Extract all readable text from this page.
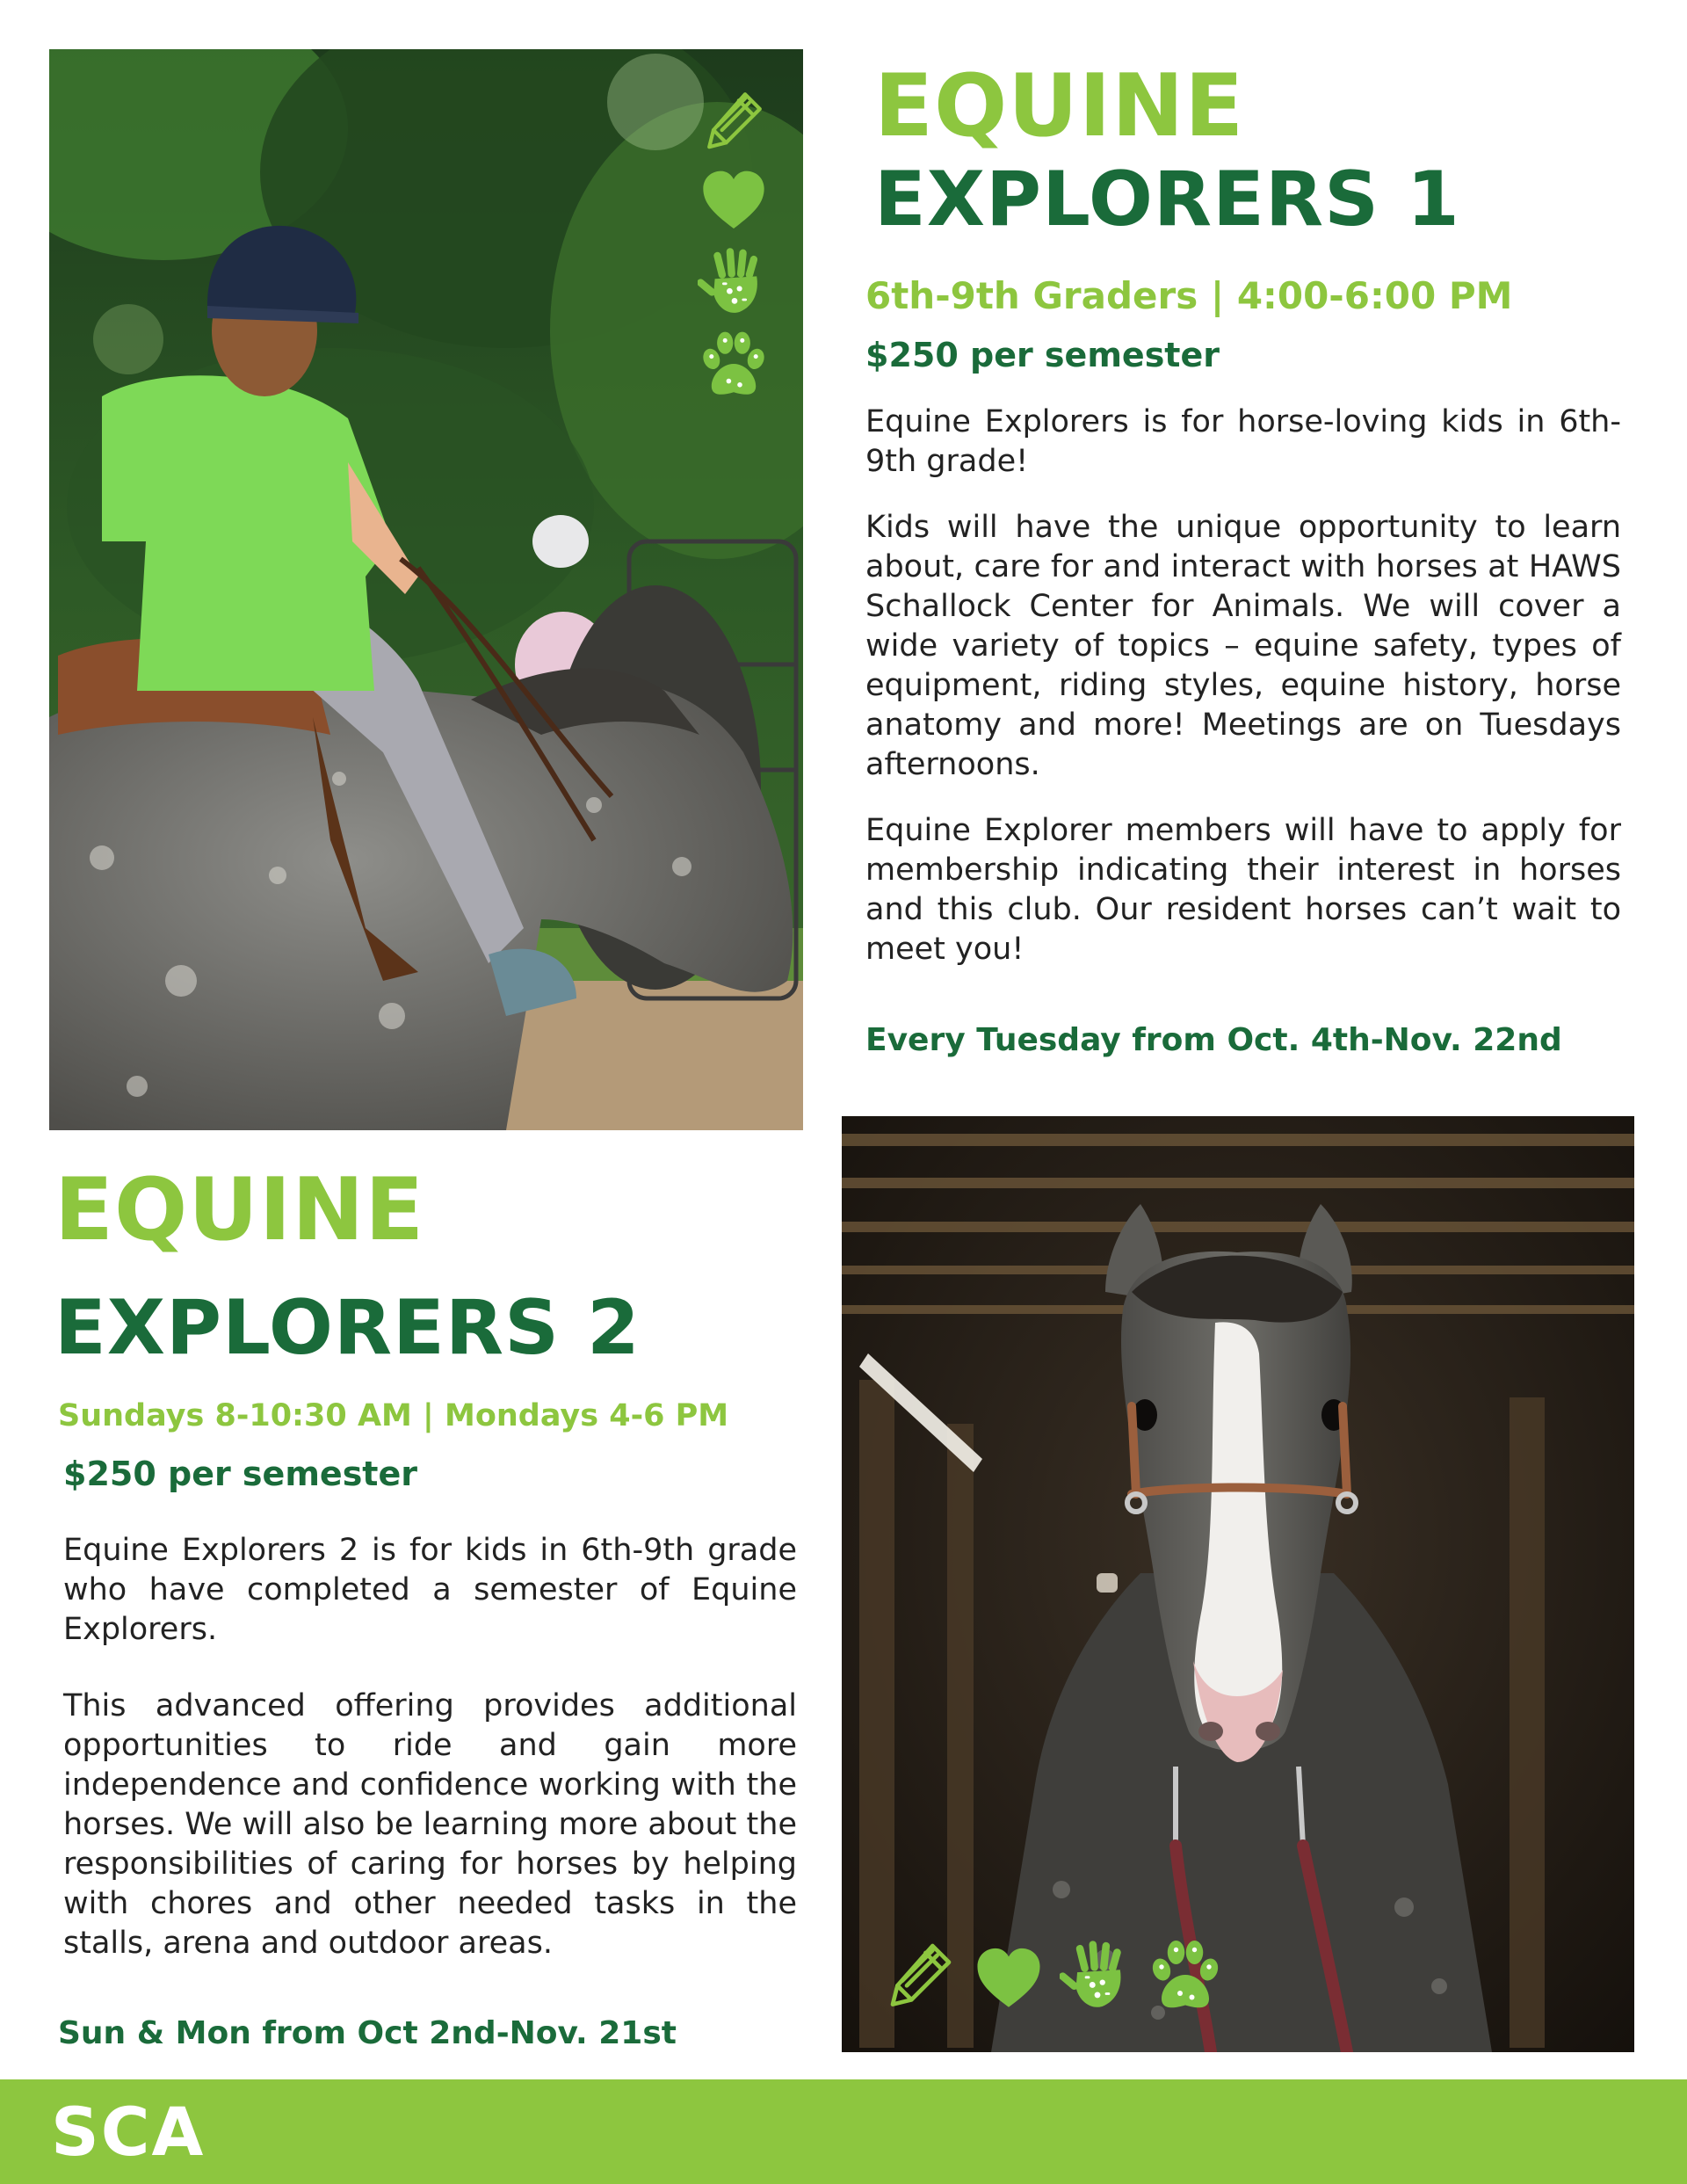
EQUINE
EXPLORERS 1
6th-9th Graders | 4:00-6:00 PM
$250 per semester

Equine Explorers is for horse-loving kids in 6th-9th grade!

Kids will have the unique opportunity to learn about, care for and interact with horses at HAWS Schallock Center for Animals. We will cover a wide variety of topics – equine safety, types of equipment, riding styles, equine history, horse anatomy and more! Meetings are on Tuesdays afternoons.

Equine Explorer members will have to apply for membership indicating their interest in horses and this club. Our resident horses can’t wait to meet you!

Every Tuesday from Oct. 4th-Nov. 22nd
EQUINE
EXPLORERS 2
Sundays 8-10:30 AM | Mondays 4-6 PM
$250 per semester

Equine Explorers 2 is for kids in 6th-9th grade who have completed a semester of Equine Explorers.

This advanced offering provides additional opportunities to ride and gain more independence and confidence working with the horses. We will also be learning more about the responsibilities of caring for horses by helping with chores and other needed tasks in the stalls, arena and outdoor areas.

Sun & Mon from Oct 2nd-Nov. 21st
SCA
